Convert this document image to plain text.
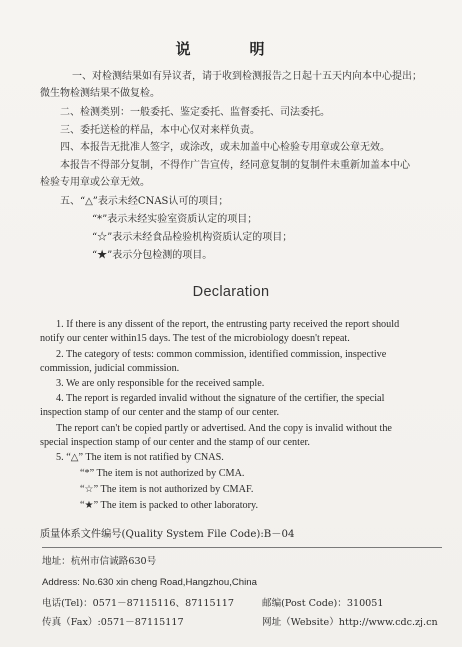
说　明
一、对检测结果如有异议者，请于收到检测报告之日起十五天内向本中心提出；
微生物检测结果不做复检。
二、检测类别：一般委托、鉴定委托、监督委托、司法委托。
三、委托送检的样品，本中心仅对来样负责。
四、本报告无批准人签字，或涂改，或未加盖中心检验专用章或公章无效。
本报告不得部分复制，不得作广告宣传，经同意复制的复制件未重新加盖本中心
检验专用章或公章无效。
五、“△”表示未经CNAS认可的项目；
“*”表示未经实验室资质认定的项目；
“☆”表示未经食品检验机构资质认定的项目；
“★”表示分包检测的项目。
Declaration
1. If there is any dissent of the report, the entrusting party received the report should
notify our center within15 days. The test of the microbiology doesn't repeat.
2. The category of tests: common commission, identified commission, inspective
commission, judicial commission.
3. We are only responsible for the received sample.
4. The report is regarded invalid without the signature of the certifier, the special
inspection stamp of our center and the stamp of our center.
The report can't be copied partly or advertised. And the copy is invalid without the
special inspection stamp of our center and the stamp of our center.
5. “△” The item is not ratified by CNAS.
“*” The item is not authorized by CMA.
“☆” The item is not authorized by CMAF.
“★” The item is packed to other laboratory.
质量体系文件编号(Quality System File Code):B－04
地址：杭州市信诚路630号
Address: No.630 xin cheng Road,Hangzhou,China
电话(Tel)：0571－87115116、87115117	邮编(Post Code)：310051
传真（Fax）:0571－87115117	网址（Website）http://www.cdc.zj.cn
